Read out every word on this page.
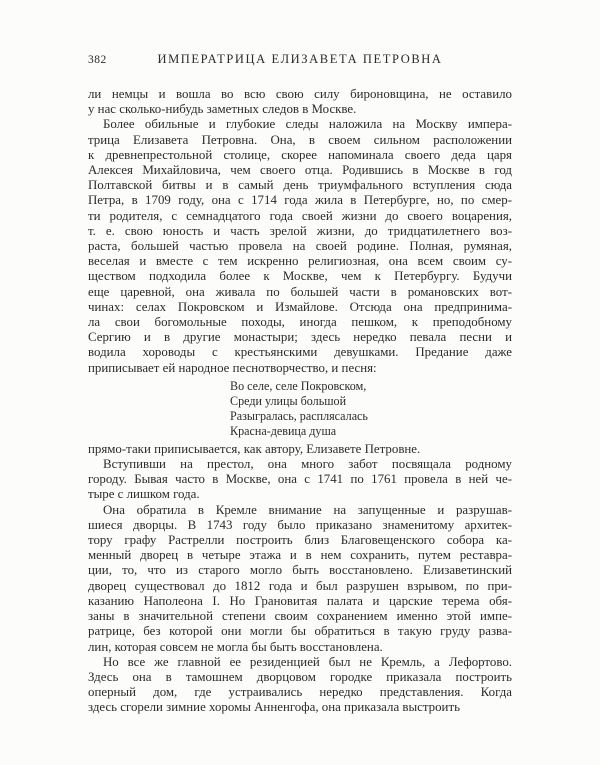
382	ИМПЕРАТРИЦА ЕЛИЗАВЕТА ПЕТРОВНА
ли немцы и вошла во всю свою силу бироновщина, не оставило
у нас сколько-нибудь заметных следов в Москве.
Более обильные и глубокие следы наложила на Москву импера-
трица Елизавета Петровна. Она, в своем сильном расположении
к древнепрестольной столице, скорее напоминала своего деда царя
Алексея Михайловича, чем своего отца. Родившись в Москве в год
Полтавской битвы и в самый день триумфального вступления сюда
Петра, в 1709 году, она с 1714 года жила в Петербурге, но, по смер-
ти родителя, с семнадцатого года своей жизни до своего воцарения,
т. е. свою юность и часть зрелой жизни, до тридцатилетнего воз-
раста, большей частью провела на своей родине. Полная, румяная,
веселая и вместе с тем искренно религиозная, она всем своим су-
ществом подходила более к Москве, чем к Петербургу. Будучи
еще царевной, она живала по большей части в романовских вот-
чинах: селах Покровском и Измайлове. Отсюда она предпринима-
ла свои богомольные походы, иногда пешком, к преподобному
Сергию и в другие монастыри; здесь нередко певала песни и
водила хороводы с крестьянскими девушками. Предание даже
приписывает ей народное песнотворчество, и песня:
Во селе, селе Покровском,
Среди улицы большой
Разыгралась, расплясалась
Красна-девица душа
прямо-таки приписывается, как автору, Елизавете Петровне.
Вступивши на престол, она много забот посвящала родному
городу. Бывая часто в Москве, она с 1741 по 1761 провела в ней че-
тыре с лишком года.
Она обратила в Кремле внимание на запущенные и разрушав-
шиеся дворцы. В 1743 году было приказано знаменитому архитек-
тору графу Растрелли построить близ Благовещенского собора ка-
менный дворец в четыре этажа и в нем сохранить, путем реставра-
ции, то, что из старого могло быть восстановлено. Елизаветинский
дворец существовал до 1812 года и был разрушен взрывом, по при-
казанию Наполеона I. Но Грановитая палата и царские терема обя-
заны в значительной степени своим сохранением именно этой импе-
ратрице, без которой они могли бы обратиться в такую груду разва-
лин, которая совсем не могла бы быть восстановлена.
Но все же главной ее резиденцией был не Кремль, а Лефортово.
Здесь она в тамошнем дворцовом городке приказала построить
оперный дом, где устраивались нередко представления. Когда
здесь сгорели зимние хоромы Анненгофа, она приказала выстроить
